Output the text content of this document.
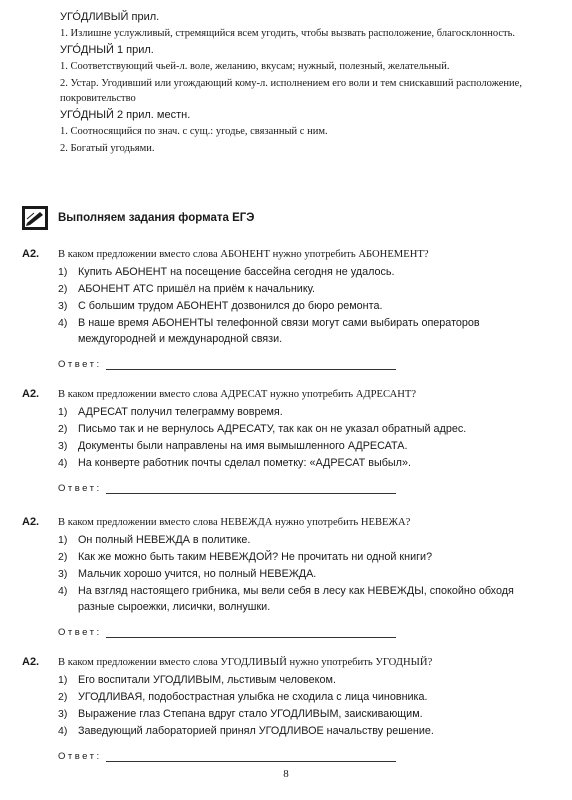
УГО́ДЛИВЫЙ прил.

1. Излишне услужливый, стремящийся всем угодить, чтобы вызвать расположение, благосклонность.

УГО́ДНЫЙ 1 прил.

1. Соответствующий чьей-л. воле, желанию, вкусам; нужный, полезный, желательный.

2. Устар. Угодивший или угождающий кому-л. исполнением его воли и тем снискавший расположение, покровительство

УГО́ДНЫЙ 2 прил. местн.

1. Соотносящийся по знач. с сущ.: угодье, связанный с ним.

2. Богатый угодьями.

Выполняем задания формата ЕГЭ
А2.	В каком предложении вместо слова АБОНЕНТ нужно употребить АБОНЕМЕНТ?
1) Купить АБОНЕНТ на посещение бассейна сегодня не удалось.
2) АБОНЕНТ АТС пришёл на приём к начальнику.
3) С большим трудом АБОНЕНТ дозвонился до бюро ремонта.
4) В наше время АБОНЕНТЫ телефонной связи могут сами выбирать операторов междугородней и международной связи.
Ответ:
А2.	В каком предложении вместо слова АДРЕСАТ нужно употребить АДРЕСАНТ?
1) АДРЕСАТ получил телеграмму вовремя.
2) Письмо так и не вернулось АДРЕСАТУ, так как он не указал обратный адрес.
3) Документы были направлены на имя вымышленного АДРЕСАТА.
4) На конверте работник почты сделал пометку: «АДРЕСАТ выбыл».
Ответ:
А2.	В каком предложении вместо слова НЕВЕЖДА нужно употребить НЕВЕЖА?
1) Он полный НЕВЕЖДА в политике.
2) Как же можно быть таким НЕВЕЖДОЙ? Не прочитать ни одной книги?
3) Мальчик хорошо учится, но полный НЕВЕЖДА.
4) На взгляд настоящего грибника, мы вели себя в лесу как НЕВЕЖДЫ, спокойно обходя разные сыроежки, лисички, волнушки.
Ответ:
А2.	В каком предложении вместо слова УГОДЛИВЫЙ нужно употребить УГОДНЫЙ?
1) Его воспитали УГОДЛИВЫМ, льстивым человеком.
2) УГОДЛИВАЯ, подобострастная улыбка не сходила с лица чиновника.
3) Выражение глаз Степана вдруг стало УГОДЛИВЫМ, заискивающим.
4) Заведующий лабораторией принял УГОДЛИВОЕ начальству решение.
Ответ:
8
